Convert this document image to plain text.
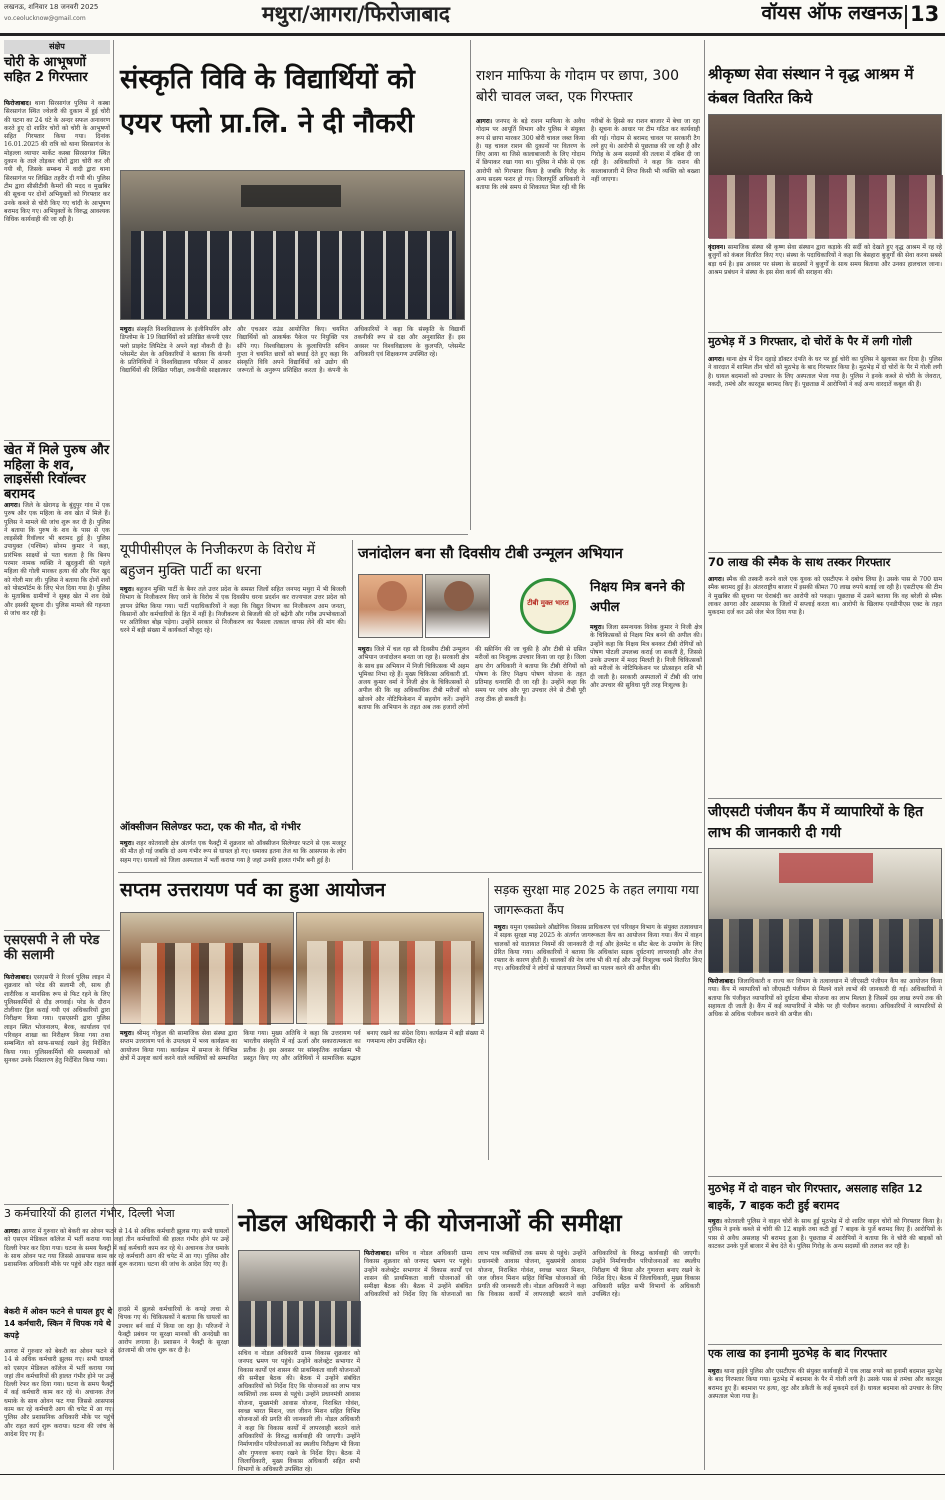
लखनऊ, शनिवार 18 जनवरी 2025
vo.ceolucknow@gmail.com	मथुरा/आगरा/फिरोजाबाद	वॉयस ऑफ लखनऊ 13
संक्षेप
चोरी के आभूषणों सहित 2 गिरफ्तार
फिरोजाबाद। थाना सिरसागंज पुलिस ने कस्बा सिरसागंज स्थित ज्वेलरी की दुकान में हुई चोरी की घटना का 24 घंटे के अन्दर सफल अनावरण करते हुए दो शातिर चोरों को चोरी के आभूषणों सहित गिरफ्तार किया गया। दिनांक 16.01.2025 की रात्रि को थाना सिरसागंज के मोहल्ला व्यापार मार्केट कस्बा सिरसागंज स्थित दुकान के ताले तोड़कर चोरों द्वारा चोरी कर ली गयी थी, जिसके सम्बन्ध में वादी द्वारा थाना सिरसागंज पर लिखित तहरीर दी गयी थी। पुलिस टीम द्वारा सीसीटीवी कैमरों की मदद व मुखबिर की सूचना पर दोनों अभियुक्तों को गिरफ्तार कर उनके कब्जे से चोरी किए गए चांदी के आभूषण बरामद किए गए। अभियुक्तों के विरुद्ध आवश्यक विधिक कार्यवाही की जा रही है।
खेत में मिले पुरुष और महिला के शव, लाइसेंसी रिवॉल्वर बरामद
आगरा। जिले के खेरागढ़ के बुंदुपुर गांव में एक पुरुष और एक महिला के शव खेत में मिले हैं। पुलिस ने मामले की जांच शुरू कर दी है। पुलिस ने बताया कि पुरुष के शव के पास से एक लाइसेंसी रिवॉल्वर भी बरामद हुई है। पुलिस उपायुक्त (पश्चिम) सोनम कुमार ने कहा, प्रारंभिक साक्ष्यों से पता चलता है कि बिनय परमार नामक व्यक्ति ने खुदकुशी की पहले महिला की गोली मारकर हत्या की और फिर खुद को गोली मार ली। पुलिस ने बताया कि दोनों शवों को पोस्टमॉर्टम के लिए भेज दिया गया है। पुलिस के मुताबिक ग्रामीणों ने सुबह खेत में शव देखे और इसकी सूचना दी। पुलिस मामले की गहनता से जांच कर रही है।
एसएसपी ने ली परेड की सलामी
फिरोजाबाद। एसएसपी ने रिजर्व पुलिस लाइन में शुक्रवार को परेड की सलामी ली, साथ ही शारीरिक व मानसिक रूप से फिट रहने के लिए पुलिसकर्मियों से दौड़ लगवाई। परेड के दौरान टोलीवार ड्रिल कराई गयी एवं अधिकारियों द्वारा निरीक्षण किया गया। एसएसपी द्वारा पुलिस लाइन स्थित भोजनालय, बैरक, कार्यालय एवं परिवहन शाखा का निरीक्षण किया गया तथा सम्बन्धित को साफ-सफाई रखने हेतु निर्देशित किया गया। पुलिसकर्मियों की समस्याओं को सुनकर उनके निस्तारण हेतु निर्देशित किया गया।
संस्कृति विवि के विद्यार्थियों को एयर फ्लो प्रा.लि. ने दी नौकरी
मथुरा। संस्कृति विश्वविद्यालय के इंजीनियरिंग और डिप्लोमा के 19 विद्यार्थियों को प्रतिष्ठित कंपनी एयर फ्लो प्राइवेट लिमिटेड ने अपने यहां नौकरी दी है। प्लेसमेंट सेल के अधिकारियों ने बताया कि कंपनी के प्रतिनिधियों ने विश्वविद्यालय परिसर में आकर विद्यार्थियों की लिखित परीक्षा, तकनीकी साक्षात्कार और एचआर राउंड आयोजित किए। चयनित विद्यार्थियों को आकर्षक पैकेज पर नियुक्ति पत्र सौंपे गए। विश्वविद्यालय के कुलाधिपति सचिन गुप्ता ने चयनित छात्रों को बधाई देते हुए कहा कि संस्कृति विवि अपने विद्यार्थियों को उद्योग की जरूरतों के अनुरूप प्रशिक्षित करता है। कंपनी के अधिकारियों ने कहा कि संस्कृति के विद्यार्थी तकनीकी रूप से दक्ष और अनुशासित हैं। इस अवसर पर विश्वविद्यालय के कुलपति, प्लेसमेंट अधिकारी एवं शिक्षकगण उपस्थित रहे।
राशन माफिया के गोदाम पर छापा, 300 बोरी चावल जब्त, एक गिरफ्तार
आगरा। जनपद के बड़े राशन माफिया के अवैध गोदाम पर आपूर्ति विभाग और पुलिस ने संयुक्त रूप से छापा मारकर 300 बोरी चावल जब्त किया है। यह चावल राशन की दुकानों पर वितरण के लिए आया था जिसे कालाबाजारी के लिए गोदाम में छिपाकर रखा गया था। पुलिस ने मौके से एक आरोपी को गिरफ्तार किया है जबकि गिरोह के अन्य सदस्य फरार हो गए। जिलापूर्ति अधिकारी ने बताया कि लंबे समय से शिकायत मिल रही थी कि गरीबों के हिस्से का राशन बाजार में बेचा जा रहा है। सूचना के आधार पर टीम गठित कर कार्यवाही की गई। गोदाम से बरामद चावल पर सरकारी टैग लगे हुए थे। आरोपी से पूछताछ की जा रही है और गिरोह के अन्य सदस्यों की तलाश में दबिश दी जा रही है। अधिकारियों ने कहा कि राशन की कालाबाजारी में लिप्त किसी भी व्यक्ति को बख्शा नहीं जाएगा।
श्रीकृष्ण सेवा संस्थान ने वृद्ध आश्रम में कंबल वितरित किये
वृंदावन। सामाजिक संस्था श्री कृष्ण सेवा संस्थान द्वारा कड़ाके की सर्दी को देखते हुए वृद्ध आश्रम में रह रहे बुजुर्गों को कंबल वितरित किए गए। संस्था के पदाधिकारियों ने कहा कि बेसहारा बुजुर्गों की सेवा करना सबसे बड़ा धर्म है। इस अवसर पर संस्था के सदस्यों ने बुजुर्गों के साथ समय बिताया और उनका हालचाल जाना। आश्रम प्रबंधन ने संस्था के इस सेवा कार्य की सराहना की।
मुठभेड़ में 3 गिरफ्तार, दो चोरों के पैर में लगी गोली
आगरा। थाना क्षेत्र में दिन दहाड़े डॉक्टर दंपति के घर पर हुई चोरी का पुलिस ने खुलासा कर दिया है। पुलिस ने वारदात में शामिल तीन चोरों को मुठभेड़ के बाद गिरफ्तार किया है। मुठभेड़ में दो चोरों के पैर में गोली लगी है। घायल बदमाशों को उपचार के लिए अस्पताल भेजा गया है। पुलिस ने इनके कब्जे से चोरी के जेवरात, नकदी, तमंचे और कारतूस बरामद किए हैं। पूछताछ में आरोपियों ने कई अन्य वारदातें कबूल की हैं।
70 लाख की स्मैक के साथ तस्कर गिरफ्तार
आगरा। स्मैक की तस्करी करने वाले एक युवक को एसटीएफ ने दबोच लिया है। उसके पास से 700 ग्राम स्मैक बरामद हुई है। अंतरराष्ट्रीय बाजार में इसकी कीमत 70 लाख रुपये बताई जा रही है। एसटीएफ की टीम ने मुखबिर की सूचना पर घेराबंदी कर आरोपी को पकड़ा। पूछताछ में उसने बताया कि वह बरेली से स्मैक लाकर आगरा और आसपास के जिलों में सप्लाई करता था। आरोपी के खिलाफ एनडीपीएस एक्ट के तहत मुकदमा दर्ज कर उसे जेल भेज दिया गया है।
जीएसटी पंजीयन कैंप में व्यापारियों के हित लाभ की जानकारी दी गयी
फिरोजाबाद। जिलाधिकारी व राज्य कर विभाग के तत्वावधान में जीएसटी पंजीयन कैंप का आयोजन किया गया। कैंप में व्यापारियों को जीएसटी पंजीयन से मिलने वाले लाभों की जानकारी दी गई। अधिकारियों ने बताया कि पंजीकृत व्यापारियों को दुर्घटना बीमा योजना का लाभ मिलता है जिसमें दस लाख रुपये तक की सहायता दी जाती है। कैंप में कई व्यापारियों ने मौके पर ही पंजीयन कराया। अधिकारियों ने व्यापारियों से अधिक से अधिक पंजीयन कराने की अपील की।
मुठभेड़ में दो वाहन चोर गिरफ्तार, असलाह सहित 12 बाइकें, 7 बाइक कटी हुई बरामद
मथुरा। कोतवाली पुलिस ने वाहन चोरों के साथ हुई मुठभेड़ में दो शातिर वाहन चोरों को गिरफ्तार किया है। पुलिस ने इनके कब्जे से चोरी की 12 बाइकें तथा कटी हुई 7 बाइक के पुर्जे बरामद किए हैं। आरोपियों के पास से अवैध असलाह भी बरामद हुआ है। पूछताछ में आरोपियों ने बताया कि वे चोरी की बाइकों को काटकर उनके पुर्जे बाजार में बेच देते थे। पुलिस गिरोह के अन्य सदस्यों की तलाश कर रही है।
एक लाख का इनामी मुठभेड़ के बाद गिरफ्तार
मथुरा। थाना हाईवे पुलिस और एसटीएफ की संयुक्त कार्यवाही में एक लाख रुपये का इनामी बदमाश मुठभेड़ के बाद गिरफ्तार किया गया। मुठभेड़ में बदमाश के पैर में गोली लगी है। उसके पास से तमंचा और कारतूस बरामद हुए हैं। बदमाश पर हत्या, लूट और डकैती के कई मुकदमे दर्ज हैं। घायल बदमाश को उपचार के लिए अस्पताल भेजा गया है।
यूपीपीसीएल के निजीकरण के विरोध में बहुजन मुक्ति पार्टी का धरना
मथुरा। बहुजन मुक्ति पार्टी के बैनर तले उत्तर प्रदेश के समस्त जिलों सहित जनपद मथुरा में भी बिजली विभाग के निजीकरण किए जाने के विरोध में एक दिवसीय धरना प्रदर्शन कर राज्यपाल उत्तर प्रदेश को ज्ञापन प्रेषित किया गया। पार्टी पदाधिकारियों ने कहा कि विद्युत विभाग का निजीकरण आम जनता, किसानों और कर्मचारियों के हित में नहीं है। निजीकरण से बिजली की दरें बढ़ेंगी और गरीब उपभोक्ताओं पर अतिरिक्त बोझ पड़ेगा। उन्होंने सरकार से निजीकरण का फैसला तत्काल वापस लेने की मांग की। धरने में बड़ी संख्या में कार्यकर्ता मौजूद रहे।
ऑक्सीजन सिलेण्डर फटा, एक की मौत, दो गंभीर
मथुरा। शहर कोतवाली क्षेत्र अंतर्गत एक फैक्ट्री में शुक्रवार को ऑक्सीजन सिलेण्डर फटने से एक मजदूर की मौत हो गई जबकि दो अन्य गंभीर रूप से घायल हो गए। धमाका इतना तेज था कि आसपास के लोग सहम गए। घायलों को जिला अस्पताल में भर्ती कराया गया है जहां उनकी हालत गंभीर बनी हुई है।
जनांदोलन बना सौ दिवसीय टीबी उन्मूलन अभियान
टीबी मुक्त भारत
निक्षय मित्र बनने की अपील
मथुरा। जिला समन्वयक विवेक कुमार ने निजी क्षेत्र के चिकित्सकों से निक्षय मित्र बनने की अपील की। उन्होंने कहा कि निक्षय मित्र बनकर टीबी रोगियों को पोषण पोटली उपलब्ध कराई जा सकती है, जिससे उनके उपचार में मदद मिलती है। निजी चिकित्सकों को मरीजों के नोटिफिकेशन पर प्रोत्साहन राशि भी दी जाती है। सरकारी अस्पतालों में टीबी की जांच और उपचार की सुविधा पूरी तरह निःशुल्क है।
मथुरा। जिले में चल रहा सौ दिवसीय टीबी उन्मूलन अभियान जनांदोलन बनता जा रहा है। सरकारी क्षेत्र के साथ इस अभियान में निजी चिकित्सक भी अहम भूमिका निभा रहे हैं। मुख्य चिकित्सा अधिकारी डॉ. अजय कुमार वर्मा ने निजी क्षेत्र के चिकित्सकों से अपील की कि वह अधिकाधिक टीबी मरीजों को खोजने और नोटिफिकेशन में सहयोग करें। उन्होंने बताया कि अभियान के तहत अब तक हजारों लोगों की स्क्रीनिंग की जा चुकी है और टीबी से ग्रसित मरीजों का निःशुल्क उपचार किया जा रहा है। जिला क्षय रोग अधिकारी ने बताया कि टीबी रोगियों को पोषण के लिए निक्षय पोषण योजना के तहत प्रतिमाह धनराशि दी जा रही है। उन्होंने कहा कि समय पर जांच और पूरा उपचार लेने से टीबी पूरी तरह ठीक हो सकती है।
सप्तम उत्तरायण पर्व का हुआ आयोजन
मथुरा। श्रीमद् गोकुल की सामाजिक सेवा संस्था द्वारा सप्तम उत्तरायण पर्व के उपलक्ष्य में भव्य कार्यक्रम का आयोजन किया गया। कार्यक्रम में समाज के विभिन्न क्षेत्रों में उत्कृष्ट कार्य करने वाले व्यक्तियों को सम्मानित किया गया। मुख्य अतिथि ने कहा कि उत्तरायण पर्व भारतीय संस्कृति में नई ऊर्जा और सकारात्मकता का प्रतीक है। इस अवसर पर सांस्कृतिक कार्यक्रम भी प्रस्तुत किए गए और अतिथियों ने सामाजिक सद्भाव बनाए रखने का संदेश दिया। कार्यक्रम में बड़ी संख्या में गणमान्य लोग उपस्थित रहे।
सड़क सुरक्षा माह 2025 के तहत लगाया गया जागरूकता कैंप
मथुरा। यमुना एक्सप्रेसवे औद्योगिक विकास प्राधिकरण एवं परिवहन विभाग के संयुक्त तत्वावधान में सड़क सुरक्षा माह 2025 के अंतर्गत जागरूकता कैंप का आयोजन किया गया। कैंप में वाहन चालकों को यातायात नियमों की जानकारी दी गई और हेलमेट व सीट बेल्ट के उपयोग के लिए प्रेरित किया गया। अधिकारियों ने बताया कि अधिकांश सड़क दुर्घटनाएं लापरवाही और तेज रफ्तार के कारण होती हैं। चालकों की नेत्र जांच भी की गई और उन्हें निःशुल्क चश्मे वितरित किए गए। अधिकारियों ने लोगों से यातायात नियमों का पालन करने की अपील की।
3 कर्मचारियों की हालत गंभीर, दिल्ली भेजा
आगरा। आगरा में गुरुवार को बेकरी का ओवन फटने से 14 से अधिक कर्मचारी झुलस गए। सभी घायलों को एसएन मेडिकल कॉलेज में भर्ती कराया गया जहां तीन कर्मचारियों की हालत गंभीर होने पर उन्हें दिल्ली रेफर कर दिया गया। घटना के समय फैक्ट्री में कई कर्मचारी काम कर रहे थे। अचानक तेज धमाके के साथ ओवन फट गया जिससे आसपास काम कर रहे कर्मचारी आग की चपेट में आ गए। पुलिस और प्रशासनिक अधिकारी मौके पर पहुंचे और राहत कार्य शुरू कराया। घटना की जांच के आदेश दिए गए हैं।
बेकरी में ओवन फटने से घायल हुए थे 14 कर्मचारी, स्किन में चिपक गये थे कपड़े
हादसे में झुलसे कर्मचारियों के कपड़े त्वचा से चिपक गए थे। चिकित्सकों ने बताया कि घायलों का उपचार बर्न वार्ड में किया जा रहा है। परिजनों ने फैक्ट्री प्रबंधन पर सुरक्षा मानकों की अनदेखी का आरोप लगाया है। प्रशासन ने फैक्ट्री के सुरक्षा इंतजामों की जांच शुरू कर दी है।
आगरा में गुरुवार को बेकरी का ओवन फटने से 14 से अधिक कर्मचारी झुलस गए। सभी घायलों को एसएन मेडिकल कॉलेज में भर्ती कराया गया जहां तीन कर्मचारियों की हालत गंभीर होने पर उन्हें दिल्ली रेफर कर दिया गया। घटना के समय फैक्ट्री में कई कर्मचारी काम कर रहे थे। अचानक तेज धमाके के साथ ओवन फट गया जिससे आसपास काम कर रहे कर्मचारी आग की चपेट में आ गए। पुलिस और प्रशासनिक अधिकारी मौके पर पहुंचे और राहत कार्य शुरू कराया। घटना की जांच के आदेश दिए गए हैं।
नोडल अधिकारी ने की योजनाओं की समीक्षा
फिरोजाबाद। सचिव व नोडल अधिकारी ग्राम्य विकास शुक्रवार को जनपद भ्रमण पर पहुंचे। उन्होंने कलेक्ट्रेट सभागार में विकास कार्यों एवं शासन की प्राथमिकता वाली योजनाओं की समीक्षा बैठक की। बैठक में उन्होंने संबंधित अधिकारियों को निर्देश दिए कि योजनाओं का लाभ पात्र व्यक्तियों तक समय से पहुंचे। उन्होंने प्रधानमंत्री आवास योजना, मुख्यमंत्री आवास योजना, निराश्रित गोवंश, स्वच्छ भारत मिशन, जल जीवन मिशन सहित विभिन्न योजनाओं की प्रगति की जानकारी ली। नोडल अधिकारी ने कहा कि विकास कार्यों में लापरवाही बरतने वाले अधिकारियों के विरुद्ध कार्यवाही की जाएगी। उन्होंने निर्माणाधीन परियोजनाओं का स्थलीय निरीक्षण भी किया और गुणवत्ता बनाए रखने के निर्देश दिए। बैठक में जिलाधिकारी, मुख्य विकास अधिकारी सहित सभी विभागों के अधिकारी उपस्थित रहे।
सचिव व नोडल अधिकारी ग्राम्य विकास शुक्रवार को जनपद भ्रमण पर पहुंचे। उन्होंने कलेक्ट्रेट सभागार में विकास कार्यों एवं शासन की प्राथमिकता वाली योजनाओं की समीक्षा बैठक की। बैठक में उन्होंने संबंधित अधिकारियों को निर्देश दिए कि योजनाओं का लाभ पात्र व्यक्तियों तक समय से पहुंचे। उन्होंने प्रधानमंत्री आवास योजना, मुख्यमंत्री आवास योजना, निराश्रित गोवंश, स्वच्छ भारत मिशन, जल जीवन मिशन सहित विभिन्न योजनाओं की प्रगति की जानकारी ली। नोडल अधिकारी ने कहा कि विकास कार्यों में लापरवाही बरतने वाले अधिकारियों के विरुद्ध कार्यवाही की जाएगी। उन्होंने निर्माणाधीन परियोजनाओं का स्थलीय निरीक्षण भी किया और गुणवत्ता बनाए रखने के निर्देश दिए। बैठक में जिलाधिकारी, मुख्य विकास अधिकारी सहित सभी विभागों के अधिकारी उपस्थित रहे।
